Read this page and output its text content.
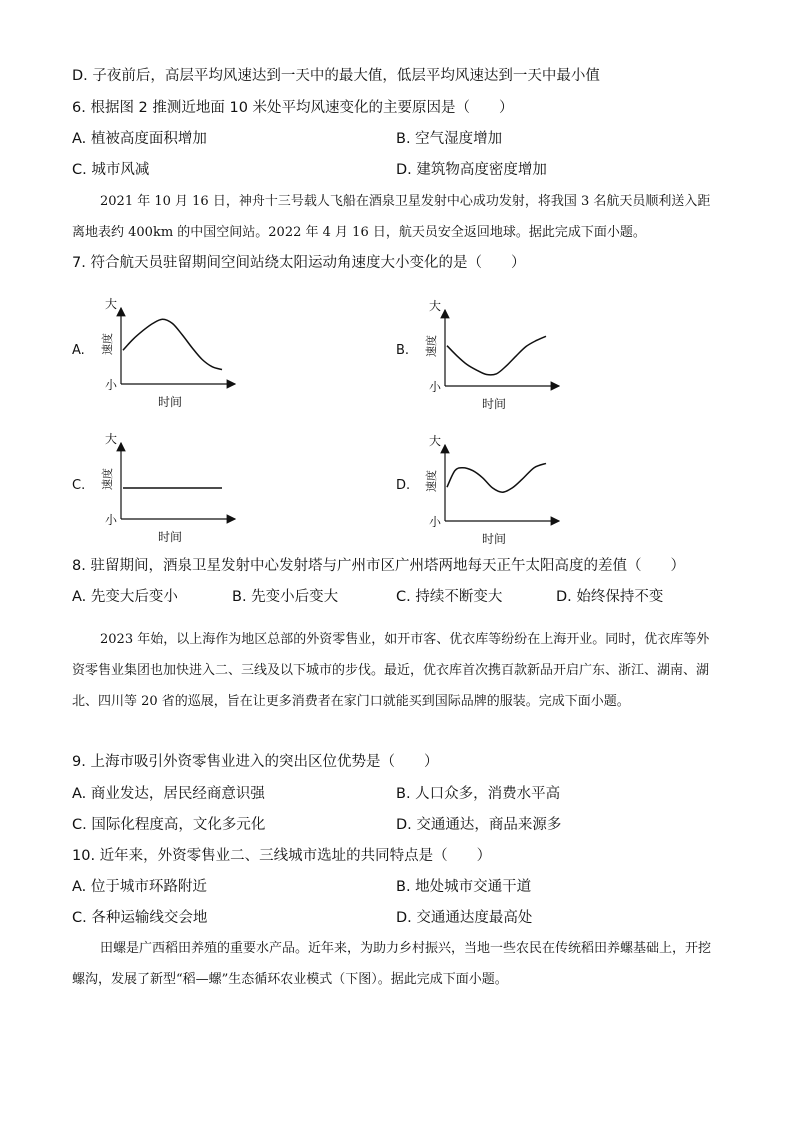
D. 子夜前后，高层平均风速达到一天中的最大值，低层平均风速达到一天中最小值
6. 根据图 2 推测近地面 10 米处平均风速变化的主要原因是（　　）
A. 植被高度面积增加	B. 空气湿度增加
C. 城市风减	D. 建筑物高度密度增加

2021 年 10 月 16 日，神舟十三号载人飞船在酒泉卫星发射中心成功发射，将我国 3 名航天员顺利送入距离地表约 400km 的中国空间站。2022 年 4 月 16 日，航天员安全返回地球。据此完成下面小题。

7. 符合航天员驻留期间空间站绕太阳运动角速度大小变化的是（　　）
A.
大
小
速度
时间
B.
大
小
速度
时间
C.
大
小
速度
时间
D.
大
小
速度
时间
8. 驻留期间，酒泉卫星发射中心发射塔与广州市区广州塔两地每天正午太阳高度的差值（　　）
A. 先变大后变小	B. 先变小后变大	C. 持续不断变大	D. 始终保持不变

2023 年始，以上海作为地区总部的外资零售业，如开市客、优衣库等纷纷在上海开业。同时，优衣库等外资零售业集团也加快进入二、三线及以下城市的步伐。最近，优衣库首次携百款新品开启广东、浙江、湖南、湖北、四川等 20 省的巡展，旨在让更多消费者在家门口就能买到国际品牌的服装。完成下面小题。

9. 上海市吸引外资零售业进入的突出区位优势是（　　）
A. 商业发达，居民经商意识强	B. 人口众多，消费水平高
C. 国际化程度高，文化多元化	D. 交通通达，商品来源多
10. 近年来，外资零售业二、三线城市选址的共同特点是（　　）
A. 位于城市环路附近	B. 地处城市交通干道
C. 各种运输线交会地	D. 交通通达度最高处

田螺是广西稻田养殖的重要水产品。近年来，为助力乡村振兴，当地一些农民在传统稻田养螺基础上，开挖螺沟，发展了新型“稻—螺”生态循环农业模式（下图）。据此完成下面小题。
